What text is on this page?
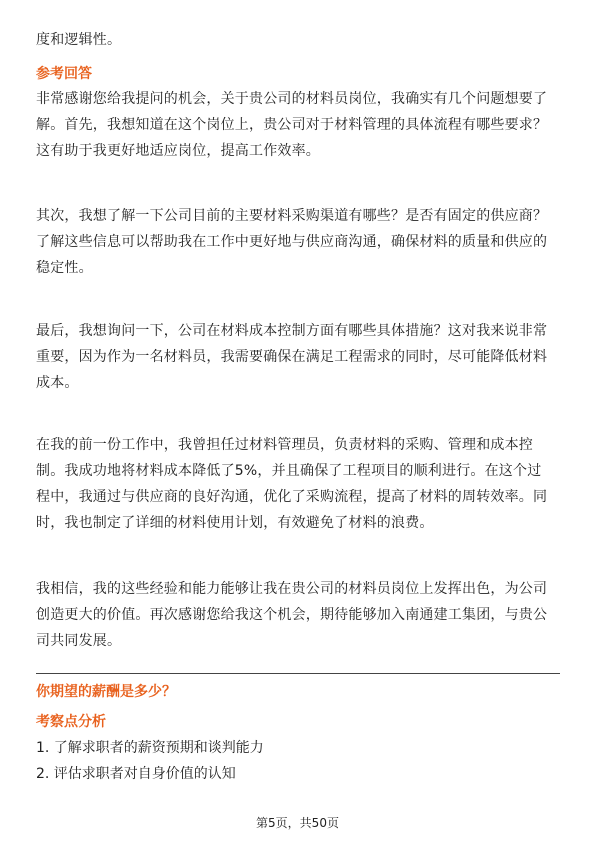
度和逻辑性。

参考回答

非常感谢您给我提问的机会，关于贵公司的材料员岗位，我确实有几个问题想要了
解。首先，我想知道在这个岗位上，贵公司对于材料管理的具体流程有哪些要求？
这有助于我更好地适应岗位，提高工作效率。

其次，我想了解一下公司目前的主要材料采购渠道有哪些？是否有固定的供应商？
了解这些信息可以帮助我在工作中更好地与供应商沟通，确保材料的质量和供应的
稳定性。

最后，我想询问一下，公司在材料成本控制方面有哪些具体措施？这对我来说非常
重要，因为作为一名材料员，我需要确保在满足工程需求的同时，尽可能降低材料
成本。

在我的前一份工作中，我曾担任过材料管理员，负责材料的采购、管理和成本控
制。我成功地将材料成本降低了5%，并且确保了工程项目的顺利进行。在这个过
程中，我通过与供应商的良好沟通，优化了采购流程，提高了材料的周转效率。同
时，我也制定了详细的材料使用计划，有效避免了材料的浪费。

我相信，我的这些经验和能力能够让我在贵公司的材料员岗位上发挥出色，为公司
创造更大的价值。再次感谢您给我这个机会，期待能够加入南通建工集团，与贵公
司共同发展。

你期望的薪酬是多少？

考察点分析

1. 了解求职者的薪资预期和谈判能力

2. 评估求职者对自身价值的认知

第5页，共50页
